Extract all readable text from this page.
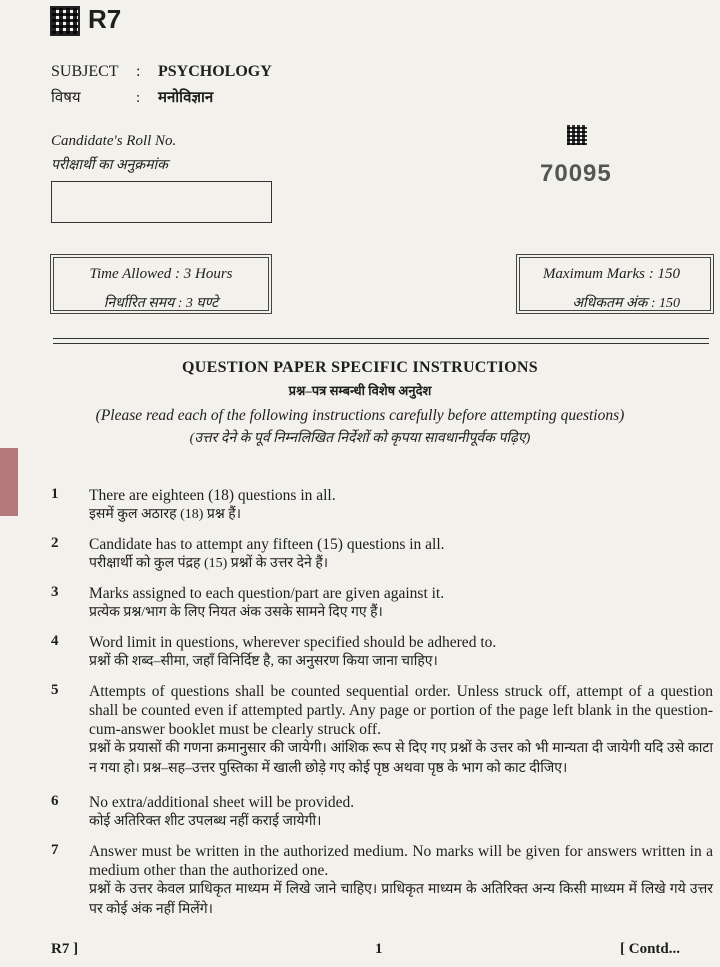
R7
SUBJECT : PSYCHOLOGY
विषय	: मनोविज्ञान
Candidate's Roll No.
परीक्षार्थी का अनुक्रमांक	70095
Time Allowed : 3 Hours
निर्धारित समय : 3 घण्टे
Maximum Marks : 150
अधिकतम अंक : 150
QUESTION PAPER SPECIFIC INSTRUCTIONS
प्रश्न–पत्र सम्बन्धी विशेष अनुदेश
(Please read each of the following instructions carefully before attempting questions)
(उत्तर देने के पूर्व निम्नलिखित निर्देशों को कृपया सावधानीपूर्वक पढ़िए)
1 There are eighteen (18) questions in all.
इसमें कुल अठारह (18) प्रश्न हैं।
2 Candidate has to attempt any fifteen (15) questions in all.
परीक्षार्थी को कुल पंद्रह (15) प्रश्नों के उत्तर देने हैं।
3 Marks assigned to each question/part are given against it.
प्रत्येक प्रश्न/भाग के लिए नियत अंक उसके सामने दिए गए हैं।
4 Word limit in questions, wherever specified should be adhered to.
प्रश्नों की शब्द–सीमा, जहाँ विनिर्दिष्ट है, का अनुसरण किया जाना चाहिए।
5 Attempts of questions shall be counted sequential order. Unless struck off, attempt of a question shall be counted even if attempted partly. Any page or portion of the page left blank in the question-cum-answer booklet must be clearly struck off.
प्रश्नों के प्रयासों की गणना क्रमानुसार की जायेगी। आंशिक रूप से दिए गए प्रश्नों के उत्तर को भी मान्यता दी जायेगी यदि उसे काटा न गया हो। प्रश्न–सह–उत्तर पुस्तिका में खाली छोड़े गए कोई पृष्ठ अथवा पृष्ठ के भाग को काट दीजिए।
6 No extra/additional sheet will be provided.
कोई अतिरिक्त शीट उपलब्ध नहीं कराई जायेगी।
7 Answer must be written in the authorized medium. No marks will be given for answers written in a medium other than the authorized one.
प्रश्नों के उत्तर केवल प्राधिकृत माध्यम में लिखे जाने चाहिए। प्राधिकृत माध्यम के अतिरिक्त अन्य किसी माध्यम में लिखे गये उत्तर पर कोई अंक नहीं मिलेंगे।
R7 ]	1	[ Contd...
